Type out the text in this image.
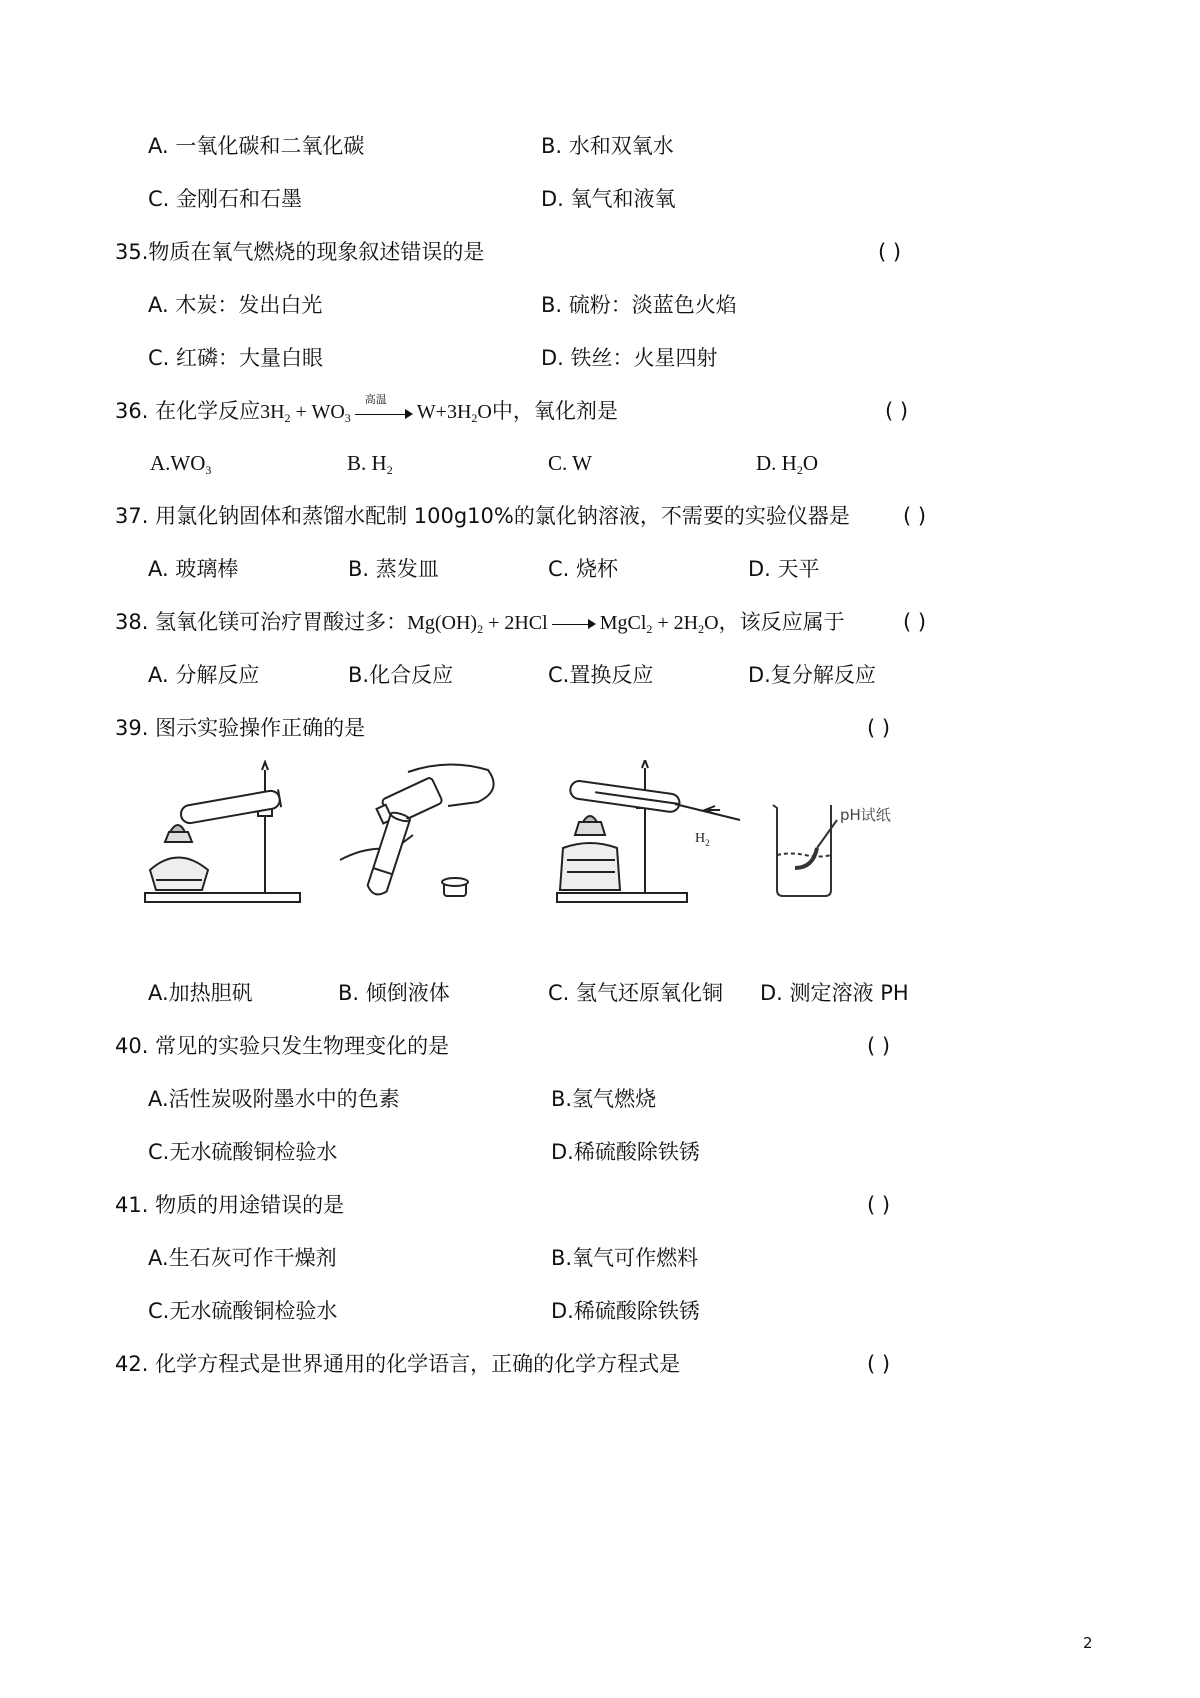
A. 一氧化碳和二氧化碳	B. 水和双氧水
C. 金刚石和石墨	D. 氧气和液氧
35.物质在氧气燃烧的现象叙述错误的是	( )
A. 木炭：发出白光	B. 硫粉：淡蓝色火焰
C. 红磷：大量白眼	D. 铁丝：火星四射
36. 在化学反应$3H_2 + WO_3$
高温
$W+3H_2O$中，氧化剂是	( )
$A.WO_3$	B. $H_2$	C. W	D. $H_2O$
37. 用氯化钠固体和蒸馏水配制 100g10%的氯化钠溶液，不需要的实验仪器是	( )
A. 玻璃棒	B. 蒸发皿	C. 烧杯	D. 天平
38. 氢氧化镁可治疗胃酸过多：$Mg(OH)_2 + 2HCl$	MgCl$_2$ + $2H_2O$，该反应属于	( )
A. 分解反应	B.化合反应	C.置换反应	D.复分解反应
39. 图示实验操作正确的是	( )
$H_2$
pH试纸
A.加热胆矾	B. 倾倒液体	C. 氢气还原氧化铜 D. 测定溶液 PH
40. 常见的实验只发生物理变化的是	( )
A.活性炭吸附墨水中的色素	B.氢气燃烧
C.无水硫酸铜检验水	D.稀硫酸除铁锈
41. 物质的用途错误的是	( )
A.生石灰可作干燥剂	B.氧气可作燃料
C.无水硫酸铜检验水	D.稀硫酸除铁锈
42. 化学方程式是世界通用的化学语言，正确的化学方程式是	( )
2
